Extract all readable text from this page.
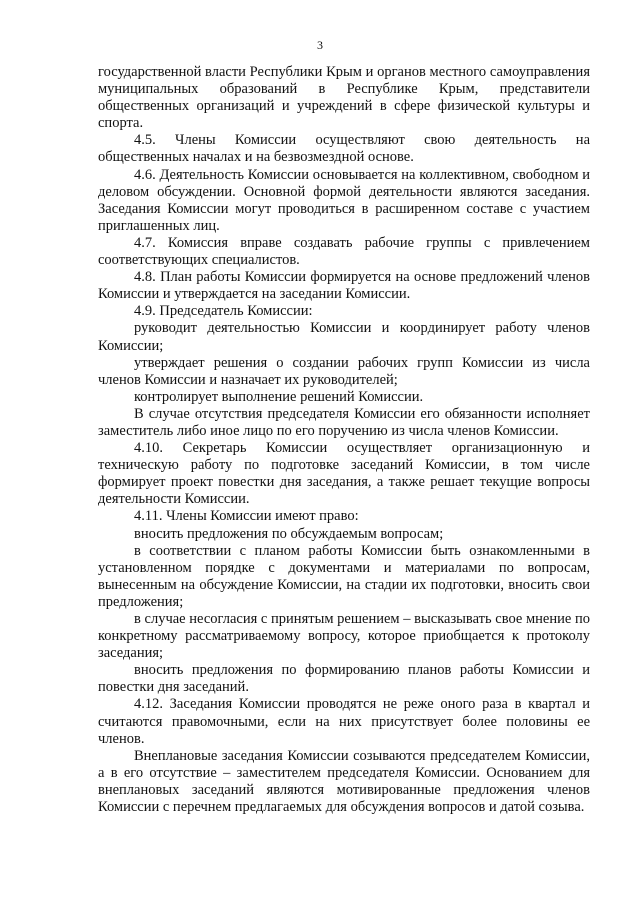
3

государственной власти Республики Крым и органов местного самоуправления муниципальных образований в Республике Крым, представители общественных организаций и учреждений в сфере физической культуры и спорта.

4.5. Члены Комиссии осуществляют свою деятельность на общественных началах и на безвозмездной основе.

4.6. Деятельность Комиссии основывается на коллективном, свободном и деловом обсуждении. Основной формой деятельности являются заседания. Заседания Комиссии могут проводиться в расширенном составе с участием приглашенных лиц.

4.7. Комиссия вправе создавать рабочие группы с привлечением соответствующих специалистов.

4.8. План работы Комиссии формируется на основе предложений членов Комиссии и утверждается на заседании Комиссии.

4.9. Председатель Комиссии:

руководит деятельностью Комиссии и координирует работу членов Комиссии;

утверждает решения о создании рабочих групп Комиссии из числа членов Комиссии и назначает их руководителей;

контролирует выполнение решений Комиссии.

В случае отсутствия председателя Комиссии его обязанности исполняет заместитель либо иное лицо по его поручению из числа членов Комиссии.

4.10. Секретарь Комиссии осуществляет организационную и техническую работу по подготовке заседаний Комиссии, в том числе формирует проект повестки дня заседания, а также решает текущие вопросы деятельности Комиссии.

4.11. Члены Комиссии имеют право:

вносить предложения по обсуждаемым вопросам;

в соответствии с планом работы Комиссии быть ознакомленными в установленном порядке с документами и материалами по вопросам, вынесенным на обсуждение Комиссии, на стадии их подготовки, вносить свои предложения;

в случае несогласия с принятым решением – высказывать свое мнение по конкретному рассматриваемому вопросу, которое приобщается к протоколу заседания;

вносить предложения по формированию планов работы Комиссии и повестки дня заседаний.

4.12. Заседания Комиссии проводятся не реже оного раза в квартал и считаются правомочными, если на них присутствует более половины ее членов.

Внеплановые заседания Комиссии созываются председателем Комиссии, а в его отсутствие – заместителем председателя Комиссии. Основанием для внеплановых заседаний являются мотивированные предложения членов Комиссии с перечнем предлагаемых для обсуждения вопросов и датой созыва.
